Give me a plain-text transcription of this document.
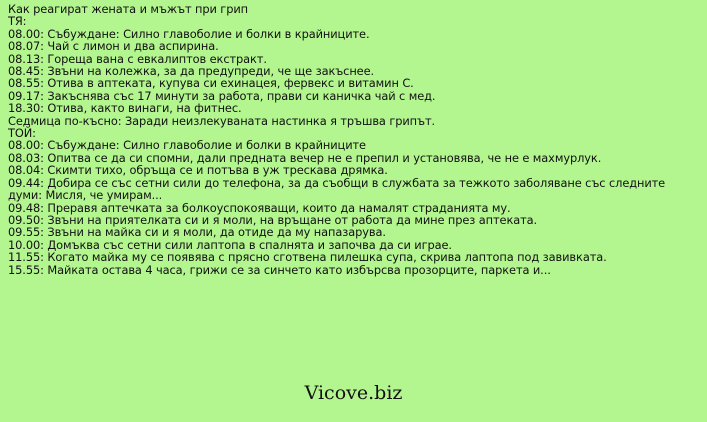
Как реагират жената и мъжът при грип
ТЯ:
08.00: Събуждане: Силно главоболие и болки в крайниците.
08.07: Чай с лимон и два аспирина.
08.13: Гореща вана с евкалиптов екстракт.
08.45: Звъни на колежка, за да предупреди, че ще закъснее.
08.55: Отива в аптеката, купува си ехинацея, фервекс и витамин С.
09.17: Закъснява със 17 минути за работа, прави си каничка чай с мед.
18.30: Отива, както винаги, на фитнес.
Седмица по-късно: Заради неизлекуваната настинка я тръшва грипът.
ТОЙ:
08.00: Събуждане: Силно главоболие и болки в крайниците
08.03: Опитва се да си спомни, дали предната вечер не е препил и установява, че не е махмурлук.
08.04: Скимти тихо, обръща се и потъва в уж трескава дрямка.
09.44: Добира се със сетни сили до телефона, за да съобщи в службата за тежкото заболяване със следните думи: Мисля, че умирам...
09.48: Преравя аптечката за болкоуспокояващи, които да намалят страданията му.
09.50: Звъни на приятелката си и я моли, на връщане от работа да мине през аптеката.
09.55: Звъни на майка си и я моли, да отиде да му напазарува.
10.00: Домъква със сетни сили лаптопа в спалнята и започва да си играе.
11.55: Когато майка му се появява с прясно сготвена пилешка супа, скрива лаптопа под завивката.
15.55: Майката остава 4 часа, грижи се за синчето като избърсва прозорците, паркета и...
Vicove.biz
